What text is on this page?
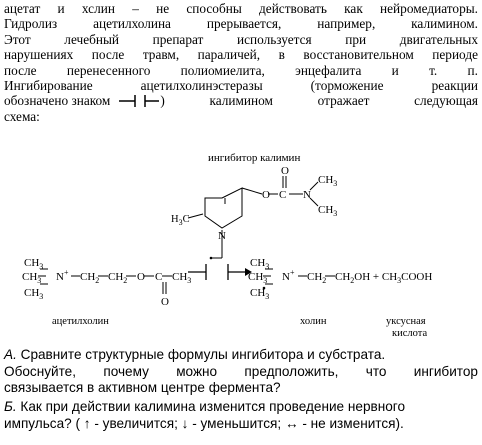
ацетат и хслин – не способны действовать как нейромедиаторы.
Гидролиз ацетилхолина прерывается, например, калимином.
Этот лечебный препарат используется при двигательных
нарушениях после травм, параличей, в восстановительном периоде
после перенесенного полиомиелита, энцефалита и т. п.
Ингибирование ацетилхолинэстеразы (торможение реакции
обозначено знаком	) калимином отражает следующая
схема:
ингибитор калимин
O C
O
N
$CH_3$
$CH_3$
$H_3C$
N
$CH_3$
$CH_3$
$CH_3$
N+ $CH_2$ $CH_2$ O C
O
$CH_3$
ацетилхолин
$CH_3$
$CH_3$
$CH_3$
N+ $CH_2$ $CH_2OH$ + $CH_3COOH$
холин	уксусная
кислота
А. Сравните структурные формулы ингибитора и субстрата.
Обоснуйте, почему можно предположить, что ингибитор
связывается в активном центре фермента?
Б. Как при действии калимина изменится проведение нервного
импульса? ( ↑ - увеличится; ↓ - уменьшится; ↔ - не изменится).
